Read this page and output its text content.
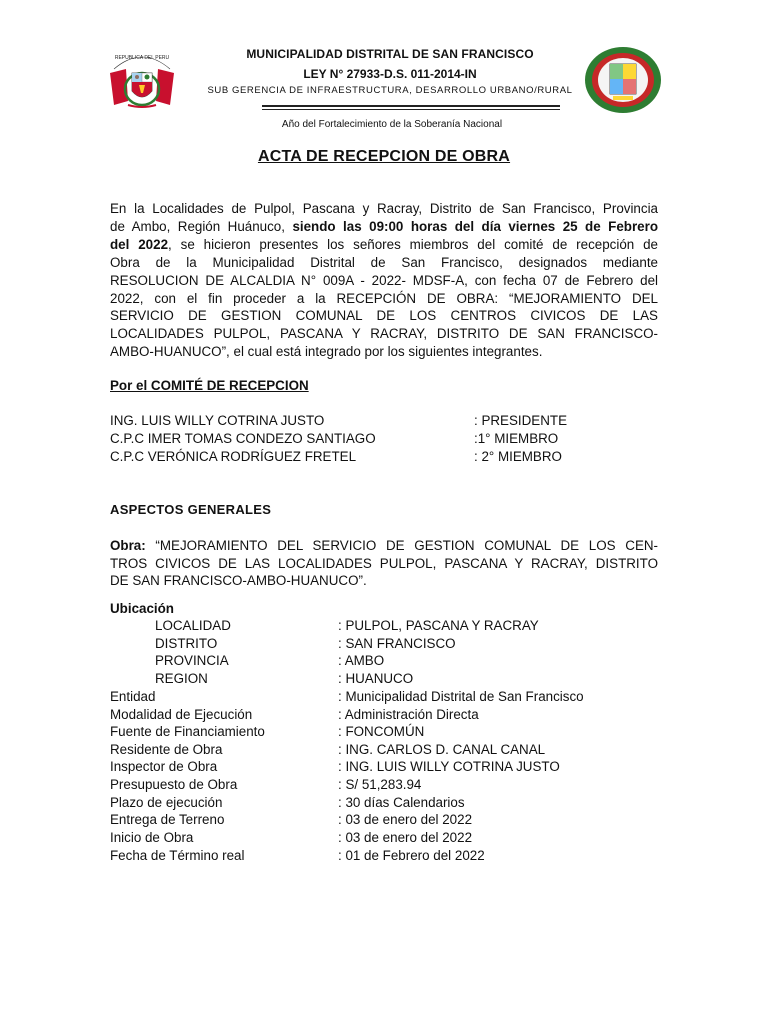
REPUBLICA DEL PERU	MUNICIPALIDAD DISTRITAL DE SAN FRANCISCO
LEY N° 27933-D.S. 011-2014-IN
SUB GERENCIA DE INFRAESTRUCTURA, DESARROLLO URBANO/RURAL
Año del Fortalecimiento de la Soberanía Nacional
ACTA DE RECEPCION DE OBRA
En la Localidades de Pulpol, Pascana y Racray, Distrito de San Francisco, Provincia
de Ambo, Región Huánuco, siendo las 09:00 horas del día viernes 25 de Febrero
del 2022, se hicieron presentes los señores miembros del comité de recepción de
Obra de la Municipalidad Distrital de San Francisco, designados mediante
RESOLUCION DE ALCALDIA N° 009A - 2022- MDSF-A, con fecha 07 de Febrero del
2022, con el fin proceder a la RECEPCIÓN DE OBRA: “MEJORAMIENTO DEL
SERVICIO DE GESTION COMUNAL DE LOS CENTROS CIVICOS DE LAS
LOCALIDADES PULPOL, PASCANA Y RACRAY, DISTRITO DE SAN FRANCISCO-
AMBO-HUANUCO”, el cual está integrado por los siguientes integrantes.
Por el COMITÉ DE RECEPCION
ING. LUIS WILLY COTRINA JUSTO	: PRESIDENTE
C.P.C IMER TOMAS CONDEZO SANTIAGO	:1° MIEMBRO
C.P.C VERÓNICA RODRÍGUEZ FRETEL	: 2° MIEMBRO
ASPECTOS GENERALES
Obra: “MEJORAMIENTO DEL SERVICIO DE GESTION COMUNAL DE LOS CEN-
TROS CIVICOS DE LAS LOCALIDADES PULPOL, PASCANA Y RACRAY, DISTRITO
DE SAN FRANCISCO-AMBO-HUANUCO”.
Ubicación
LOCALIDAD	: PULPOL, PASCANA Y RACRAY
DISTRITO	: SAN FRANCISCO
PROVINCIA	: AMBO
REGION	: HUANUCO
Entidad	: Municipalidad Distrital de San Francisco
Modalidad de Ejecución	: Administración Directa
Fuente de Financiamiento	: FONCOMÚN
Residente de Obra	: ING. CARLOS D. CANAL CANAL
Inspector de Obra	: ING. LUIS WILLY COTRINA JUSTO
Presupuesto de Obra	: S/ 51,283.94
Plazo de ejecución	: 30 días Calendarios
Entrega de Terreno	: 03 de enero del 2022
Inicio de Obra	: 03 de enero del 2022
Fecha de Término real	: 01 de Febrero del 2022
